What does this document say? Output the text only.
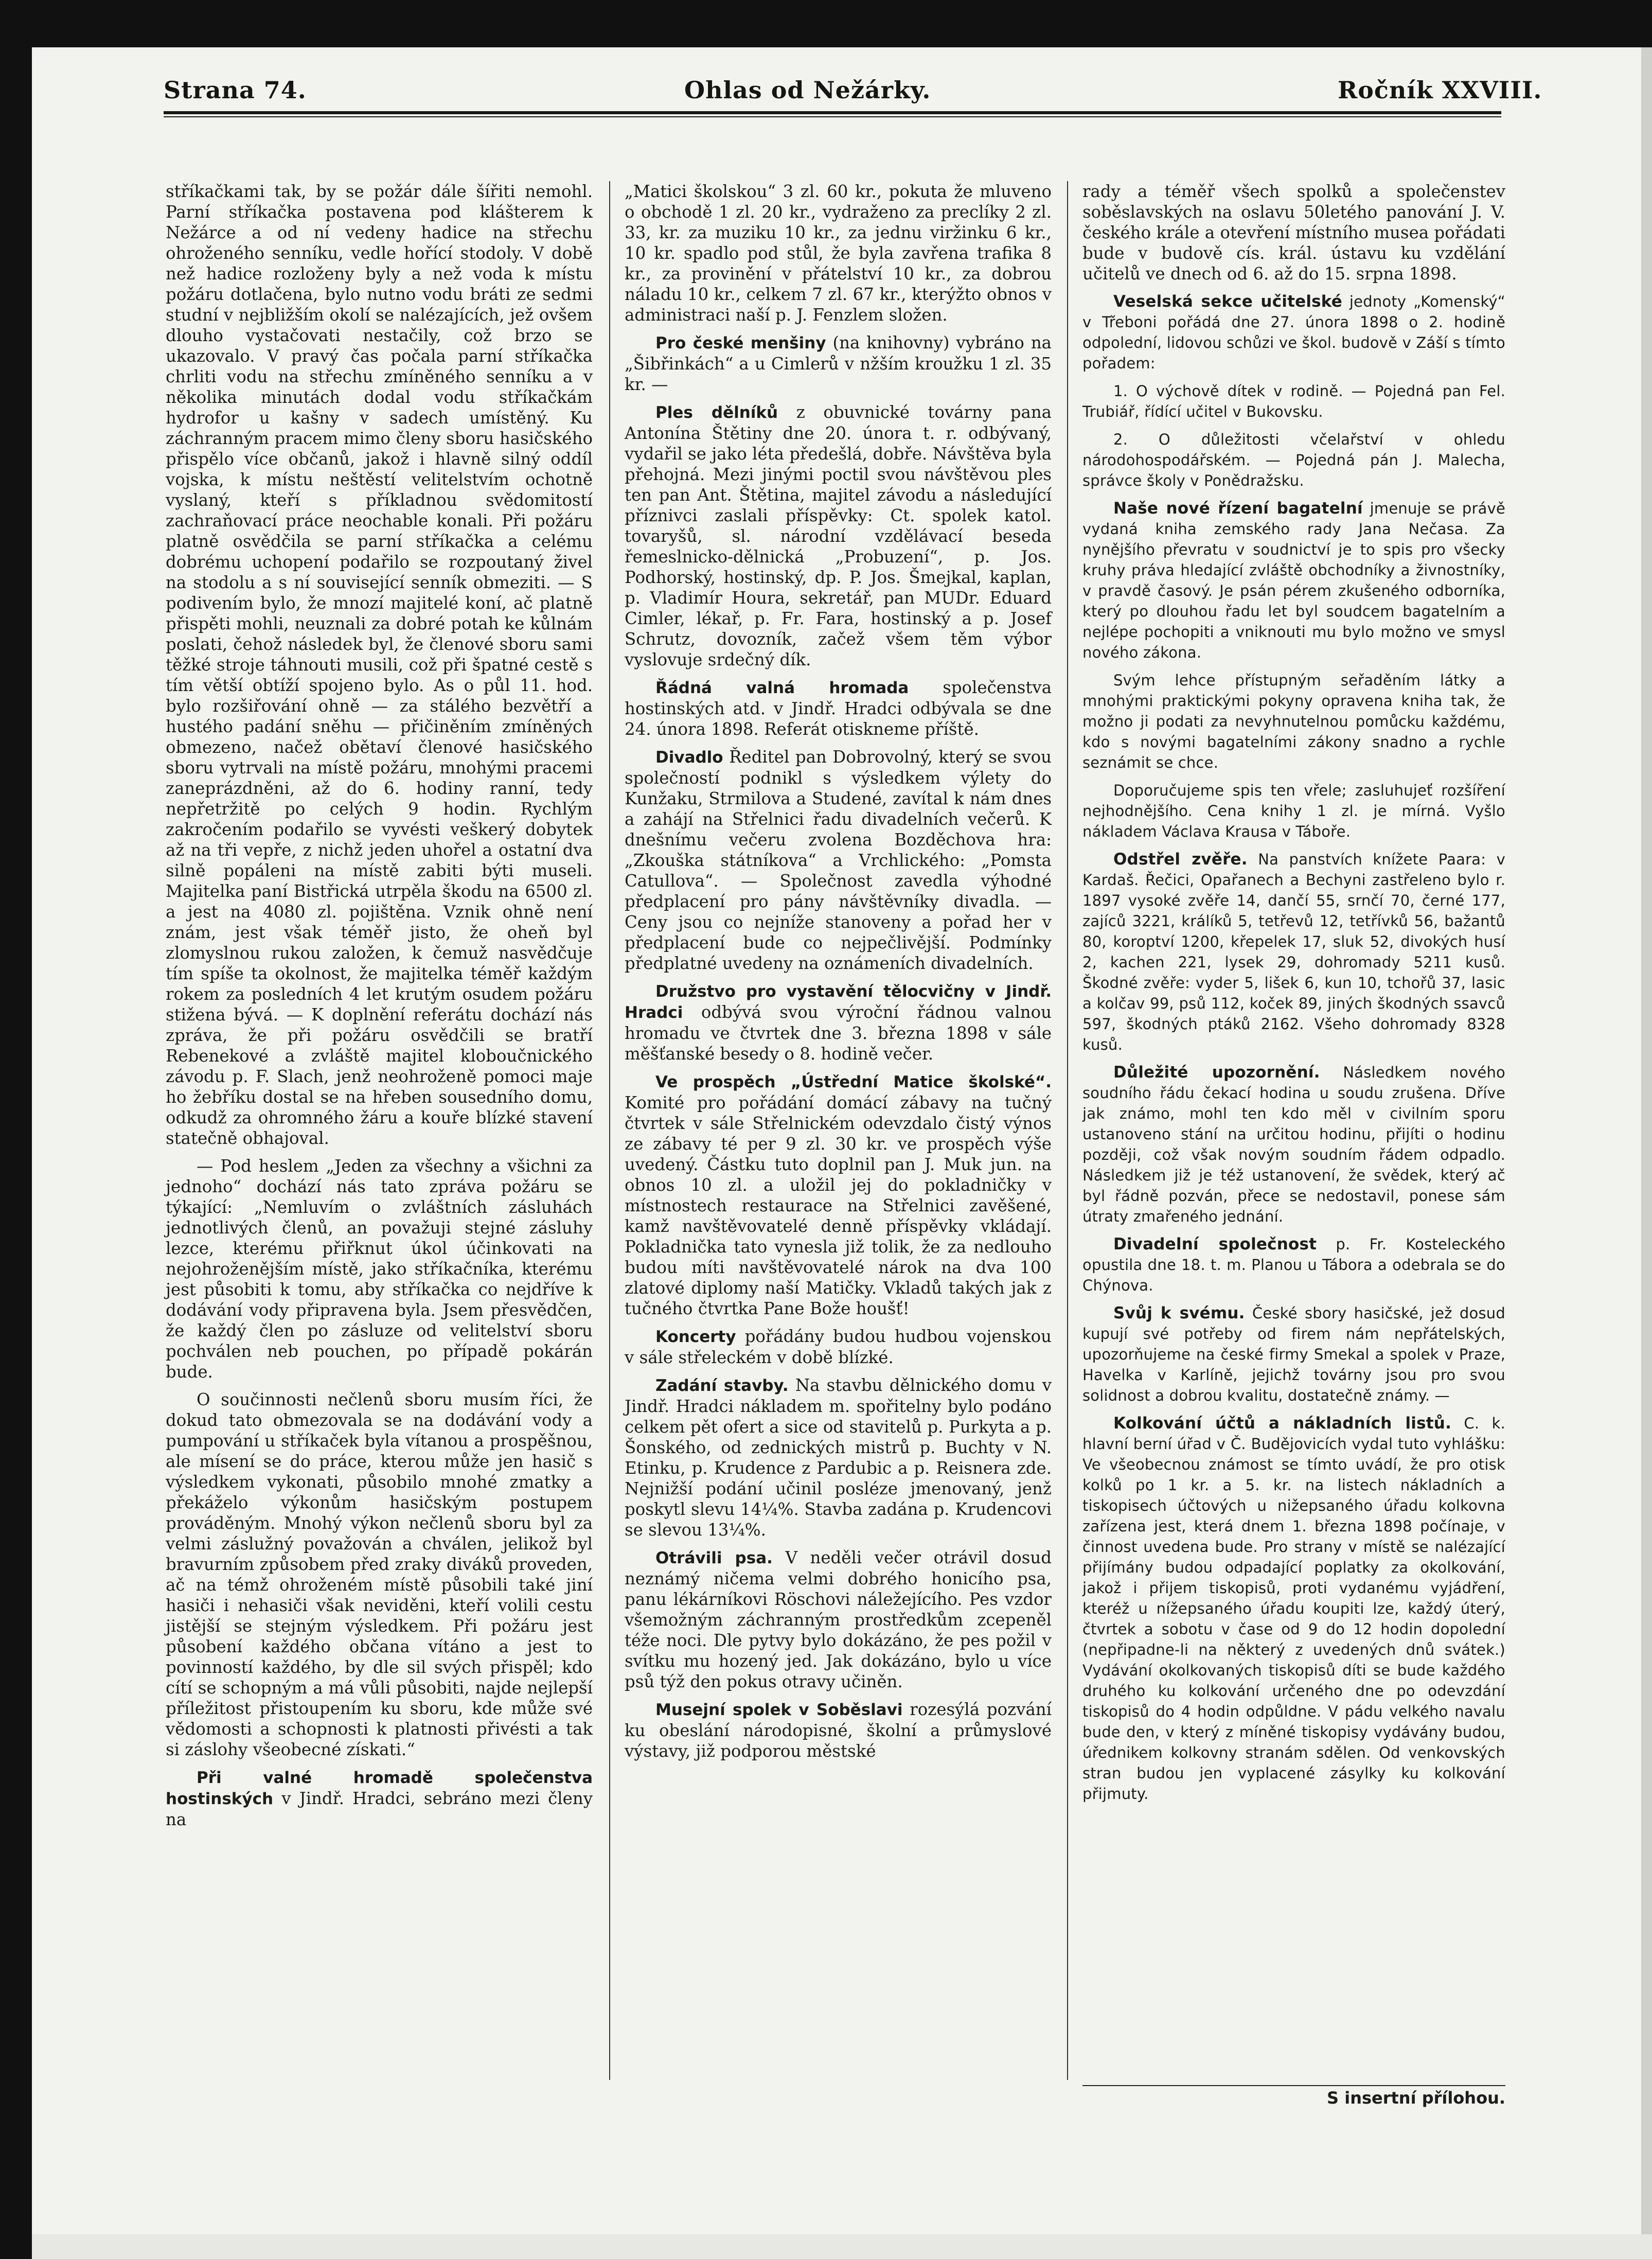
Strana 74.	Ohlas od Nežárky.	Ročník XXVIII.

stříkačkami tak, by se požár dále šířiti nemohl. Parní stříkačka postavena pod klášterem k Nežárce a od ní vedeny hadice na střechu ohroženého senníku, vedle hořící stodoly. V době než hadice rozloženy byly a než voda k místu požáru dotlačena, bylo nutno vodu bráti ze sedmi studní v nejbližším okolí se nalézajících, jež ovšem dlouho vystačovati nestačily, což brzo se ukazovalo. V pravý čas počala parní stříkačka chrliti vodu na střechu zmíněného senníku a v několika minutách dodal vodu stříkačkám hydrofor u kašny v sadech umístěný. Ku záchranným pracem mimo členy sboru hasičského přispělo více občanů, jakož i hlavně silný oddíl vojska, k místu neštěstí velitelstvím ochotně vyslaný, kteří s příkladnou svědomitostí zachraňovací práce neochable konali. Při požáru platně osvědčila se parní stříkačka a celému dobrému uchopení podařilo se rozpoutaný živel na stodolu a s ní související senník obmeziti. — S podivením bylo, že mnozí majitelé koní, ač platně přispěti mohli, neuznali za dobré potah ke kůlnám poslati, čehož následek byl, že členové sboru sami těžké stroje táhnouti musili, což při špatné cestě s tím větší obtíží spojeno bylo. As o půl 11. hod. bylo rozšiřování ohně — za stálého bezvětří a hustého padání sněhu — přičiněním zmíněných obmezeno, načež obětaví členové hasičského sboru vytrvali na místě požáru, mnohými pracemi zaneprázdněni, až do 6. hodiny ranní, tedy nepřetržitě po celých 9 hodin. Rychlým zakročením podařilo se vyvésti veškerý dobytek až na tři vepře, z nichž jeden uhořel a ostatní dva silně popáleni na místě zabiti býti museli. Majitelka paní Bistřická utrpěla škodu na 6500 zl. a jest na 4080 zl. pojištěna. Vznik ohně není znám, jest však téměř jisto, že oheň byl zlomyslnou rukou založen, k čemuž nasvědčuje tím spíše ta okolnost, že majitelka téměř každým rokem za posledních 4 let krutým osudem požáru stižena bývá. — K doplnění referátu dochází nás zpráva, že při požáru osvědčili se bratří Rebenekové a zvláště majitel kloboučnického závodu p. F. Slach, jenž neohroženě pomoci maje ho žebříku dostal se na hřeben sousedního domu, odkudž za ohromného žáru a kouře blízké stavení statečně obhajoval.

— Pod heslem „Jeden za všechny a všichni za jednoho“ dochází nás tato zpráva požáru se týkající: „Nemluvím o zvláštních zásluhách jednotlivých členů, an považuji stejné zásluhy lezce, kterému přiřknut úkol účinkovati na nejohroženějším místě, jako stříkačníka, kterému jest působiti k tomu, aby stříkačka co nejdříve k dodávání vody připravena byla. Jsem přesvědčen, že každý člen po zásluze od velitelství sboru pochválen neb pouchen, po případě pokárán bude.

O součinnosti nečlenů sboru musím říci, že dokud tato obmezovala se na dodávání vody a pumpování u stříkaček byla vítanou a prospěšnou, ale mísení se do práce, kterou může jen hasič s výsledkem vykonati, působilo mnohé zmatky a překáželo výkonům hasičským postupem prováděným. Mnohý výkon nečlenů sboru byl za velmi záslužný považován a chválen, jelikož byl bravurním způsobem před zraky diváků proveden, ač na témž ohroženém místě působili také jiní hasiči i nehasiči však neviděni, kteří volili cestu jistější se stejným výsledkem. Při požáru jest působení každého občana vítáno a jest to povinností každého, by dle sil svých přispěl; kdo cítí se schopným a má vůli působiti, najde nejlepší příležitost přistoupením ku sboru, kde může své vědomosti a schopnosti k platnosti přivésti a tak si záslohy všeobecné získati.“

Při valné hromadě společenstva hostinských v Jindř. Hradci, sebráno mezi členy na

„Matici školskou“ 3 zl. 60 kr., pokuta že mluveno o obchodě 1 zl. 20 kr., vydraženo za preclíky 2 zl. 33, kr. za muziku 10 kr., za jednu viržinku 6 kr., 10 kr. spadlo pod stůl, že byla zavřena trafika 8 kr., za provinění v přátelství 10 kr., za dobrou náladu 10 kr., celkem 7 zl. 67 kr., kterýžto obnos v administraci naší p. J. Fenzlem složen.

Pro české menšiny (na knihovny) vybráno na „Šibřinkách“ a u Cimlerů v nžším kroužku 1 zl. 35 kr. —

Ples dělníků z obuvnické továrny pana Antonína Štětiny dne 20. února t. r. odbývaný, vydařil se jako léta předešlá, dobře. Návštěva byla přehojná. Mezi jinými poctil svou návštěvou ples ten pan Ant. Štětina, majitel závodu a následující příznivci zaslali příspěvky: Ct. spolek katol. tovaryšů, sl. národní vzdělávací beseda řemeslnicko-dělnická „Probuzení“, p. Jos. Podhorský, hostinský, dp. P. Jos. Šmejkal, kaplan, p. Vladimír Houra, sekretář, pan MUDr. Eduard Cimler, lékař, p. Fr. Fara, hostinský a p. Josef Schrutz, dovozník, začež všem těm výbor vyslovuje srdečný dík.

Řádná valná hromada společenstva hostinských atd. v Jindř. Hradci odbývala se dne 24. února 1898. Referát otiskneme příště.

Divadlo Ředitel pan Dobrovolný, který se svou společností podnikl s výsledkem výlety do Kunžaku, Strmilova a Studené, zavítal k nám dnes a zahájí na Střelnici řadu divadelních večerů. K dnešnímu večeru zvolena Bozděchova hra: „Zkouška státníkova“ a Vrchlického: „Pomsta Catullova“. — Společnost zavedla výhodné předplacení pro pány návštěvníky divadla. — Ceny jsou co nejníže stanoveny a pořad her v předplacení bude co nejpečlivější. Podmínky předplatné uvedeny na oznámeních divadelních.

Družstvo pro vystavění tělocvičny v Jindř. Hradci odbývá svou výroční řádnou valnou hromadu ve čtvrtek dne 3. března 1898 v sále měšťanské besedy o 8. hodině večer.

Ve prospěch „Ústřední Matice školské“. Komité pro pořádání domácí zábavy na tučný čtvrtek v sále Střelnickém odevzdalo čistý výnos ze zábavy té per 9 zl. 30 kr. ve prospěch výše uvedený. Částku tuto doplnil pan J. Muk jun. na obnos 10 zl. a uložil jej do pokladničky v místnostech restaurace na Střelnici zavěšené, kamž navštěvovatelé denně příspěvky vkládají. Pokladnička tato vynesla již tolik, že za nedlouho budou míti navštěvovatelé nárok na dva 100 zlatové diplomy naší Matičky. Vkladů takých jak z tučného čtvrtka Pane Bože houšť!

Koncerty pořádány budou hudbou vojenskou v sále střeleckém v době blízké.

Zadání stavby. Na stavbu dělnického domu v Jindř. Hradci nákladem m. spořitelny bylo podáno celkem pět ofert a sice od stavitelů p. Purkyta a p. Šonského, od zednických mistrů p. Buchty v N. Etinku, p. Krudence z Pardubic a p. Reisnera zde. Nejnižší podání učinil posléze jmenovaný, jenž poskytl slevu 14¼%. Stavba zadána p. Krudencovi se slevou 13¼%.

Otrávili psa. V neděli večer otrávil dosud neznámý ničema velmi dobrého honicího psa, panu lékárníkovi Röschovi náležejícího. Pes vzdor všemožným záchranným prostředkům zcepeněl téže noci. Dle pytvy bylo dokázáno, že pes požil v svítku mu hozený jed. Jak dokázáno, bylo u více psů týž den pokus otravy učiněn.

Musejní spolek v Soběslavi rozesýlá pozvání ku obeslání národopisné, školní a průmyslové výstavy, již podporou městské

rady a téměř všech spolků a společenstev soběslavských na oslavu 50letého panování J. V. českého krále a otevření místního musea pořádati bude v budově cís. král. ústavu ku vzdělání učitelů ve dnech od 6. až do 15. srpna 1898.

Veselská sekce učitelské jednoty „Komenský“ v Třeboni pořádá dne 27. února 1898 o 2. hodině odpolední, lidovou schůzi ve škol. budově v Záší s tímto pořadem:

1. O výchově dítek v rodině. — Pojedná pan Fel. Trubiář, řídící učitel v Bukovsku.

2. O důležitosti včelařství v ohledu národohospodářském. — Pojedná pán J. Malecha, správce školy v Ponědražsku.

Naše nové řízení bagatelní jmenuje se právě vydaná kniha zemského rady Jana Nečasa. Za nynějšího převratu v soudnictví je to spis pro všecky kruhy práva hledající zvláště obchodníky a živnostníky, v pravdě časový. Je psán pérem zkušeného odborníka, který po dlouhou řadu let byl soudcem bagatelním a nejlépe pochopiti a vniknouti mu bylo možno ve smysl nového zákona.

Svým lehce přístupným seřaděním látky a mnohými praktickými pokyny opravena kniha tak, že možno ji podati za nevyhnutelnou pomůcku každému, kdo s novými bagatelními zákony snadno a rychle seznámit se chce.

Doporučujeme spis ten vřele; zasluhujeť rozšíření nejhodnějšího. Cena knihy 1 zl. je mírná. Vyšlo nákladem Václava Krausa v Táboře.

Odstřel zvěře. Na panstvích knížete Paara: v Kardaš. Řečici, Opařanech a Bechyni zastřeleno bylo r. 1897 vysoké zvěře 14, dančí 55, srnčí 70, černé 177, zajíců 3221, králíků 5, tetřevů 12, tetřívků 56, bažantů 80, koroptví 1200, křepelek 17, sluk 52, divokých husí 2, kachen 221, lysek 29, dohromady 5211 kusů. Škodné zvěře: vyder 5, lišek 6, kun 10, tchořů 37, lasic a kolčav 99, psů 112, koček 89, jiných škodných ssavců 597, škodných ptáků 2162. Všeho dohromady 8328 kusů.

Důležité upozornění. Následkem nového soudního řádu čekací hodina u soudu zrušena. Dříve jak známo, mohl ten kdo měl v civilním sporu ustanoveno stání na určitou hodinu, přijíti o hodinu později, což však novým soudním řádem odpadlo. Následkem již je též ustanovení, že svědek, který ač byl řádně pozván, přece se nedostavil, ponese sám útraty zmařeného jednání.

Divadelní společnost p. Fr. Kosteleckého opustila dne 18. t. m. Planou u Tábora a odebrala se do Chýnova.

Svůj k svému. České sbory hasičské, jež dosud kupují své potřeby od firem nám nepřátelských, upozorňujeme na české firmy Smekal a spolek v Praze, Havelka v Karlíně, jejichž továrny jsou pro svou solidnost a dobrou kvalitu, dostatečně známy. —

Kolkování účtů a nákladních listů. C. k. hlavní berní úřad v Č. Budějovicích vydal tuto vyhlášku: Ve všeobecnou známost se tímto uvádí, že pro otisk kolků po 1 kr. a 5. kr. na listech nákladních a tiskopisech účtových u nižepsaného úřadu kolkovna zařízena jest, která dnem 1. března 1898 počínaje, v činnost uvedena bude. Pro strany v místě se nalézající přijímány budou odpadající poplatky za okolkování, jakož i přijem tiskopisů, proti vydanému vyjádření, kteréž u nížepsaného úřadu koupiti lze, každý úterý, čtvrtek a sobotu v čase od 9 do 12 hodin dopolední (nepřipadne-li na některý z uvedených dnů svátek.) Vydávání okolkovaných tiskopisů díti se bude každého druhého ku kolkování určeného dne po odevzdání tiskopisů do 4 hodin odpůldne. V pádu velkého navalu bude den, v který z míněné tiskopisy vydávány budou, úřednikem kolkovny stranám sdělen. Od venkovských stran budou jen vyplacené zásylky ku kolkování přijmuty.

S insertní přílohou.
